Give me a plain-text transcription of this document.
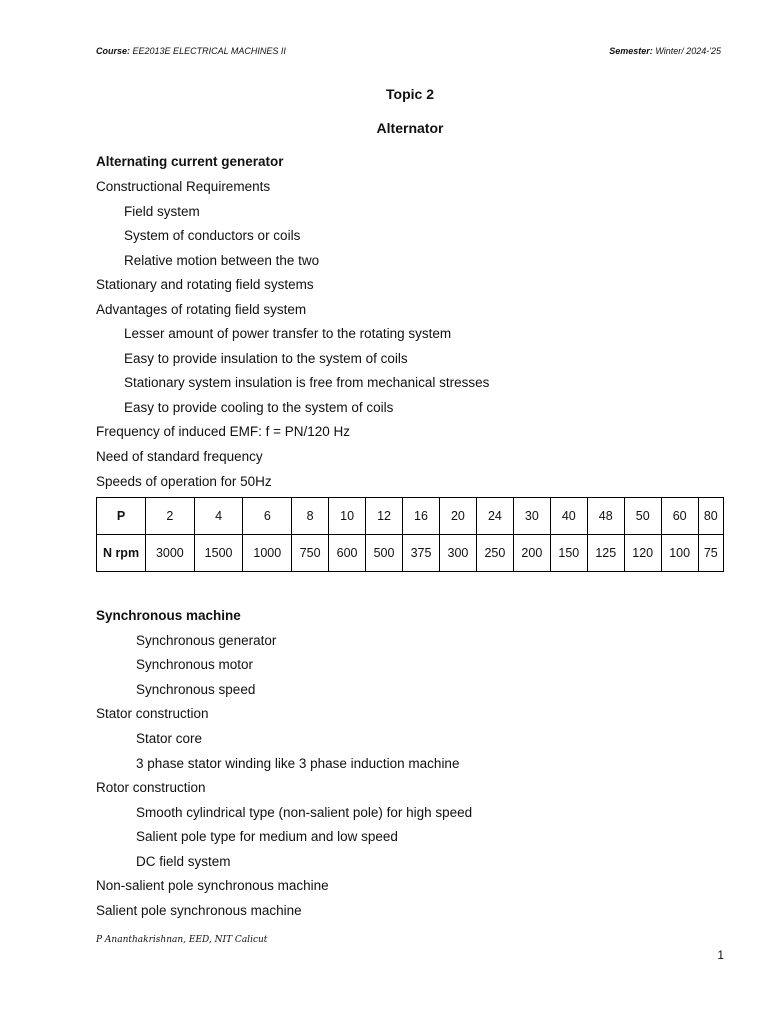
Course: EE2013E ELECTRICAL MACHINES II	Semester: Winter/ 2024-'25
Topic 2
Alternator
Alternating current generator
Constructional Requirements
Field system
System of conductors or coils
Relative motion between the two
Stationary and rotating field systems
Advantages of rotating field system
Lesser amount of power transfer to the rotating system
Easy to provide insulation to the system of coils
Stationary system insulation is free from mechanical stresses
Easy to provide cooling to the system of coils
Frequency of induced EMF: f = PN/120 Hz
Need of standard frequency
Speeds of operation for 50Hz
P	2	4	6	8	10	12	16	20	24	30	40	48	50	60	80
N rpm	3000	1500	1000	750	600	500	375	300	250	200	150	125	120	100	75
Synchronous machine
Synchronous generator
Synchronous motor
Synchronous speed
Stator construction
Stator core
3 phase stator winding like 3 phase induction machine
Rotor construction
Smooth cylindrical type (non-salient pole) for high speed
Salient pole type for medium and low speed
DC field system
Non-salient pole synchronous machine
Salient pole synchronous machine
P Ananthakrishnan, EED, NIT Calicut
1
